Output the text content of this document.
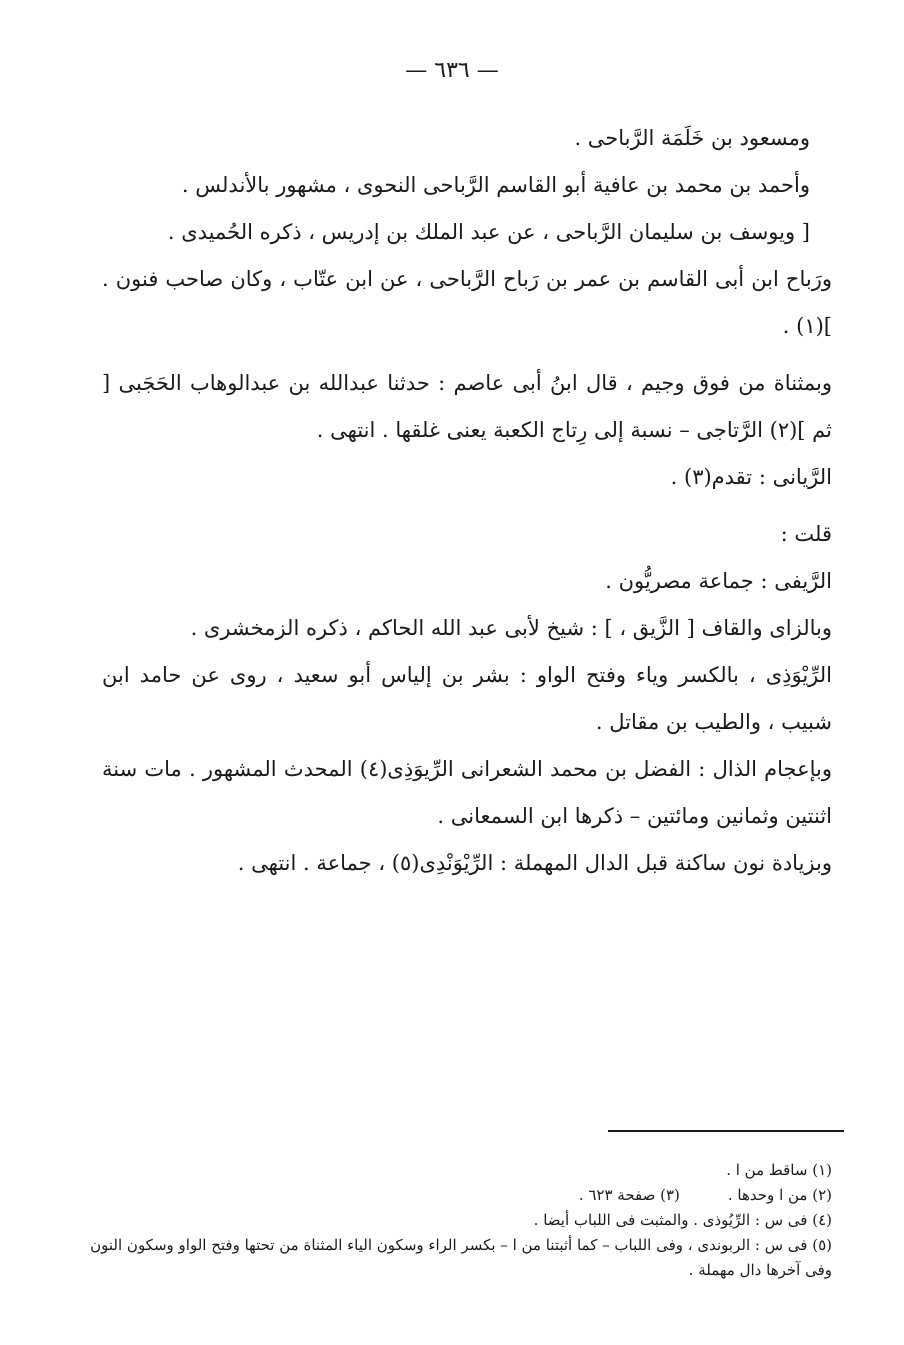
— ٦٣٦ —

ومسعود بن خَلَمَة الرَّباحى .

وأحمد بن محمد بن عافية أبو القاسم الرَّباحى النحوى ، مشهور بالأندلس .

[ ويوسف بن سليمان الرَّباحى ، عن عبد الملك بن إدريس ، ذكره الحُميدى .

ورَباح ابن أبى القاسم بن عمر بن رَباح الرَّباحى ، عن ابن عتّاب ، وكان صاحب فنون . ](١) .

وبمثناة من فوق وجيم ، قال ابنُ أبى عاصم : حدثنا عبدالله بن عبدالوهاب الحَجَبى [ ثم ](٢) الرَّتاجى – نسبة إلى رِتاج الكعبة يعنى غلقها . انتهى .

الرَّيانى : تقدم(٣) .

قلت :

الرَّيفى : جماعة مصريُّون .

وبالزاى والقاف [ الزَّيق ، ] : شيخ لأبى عبد الله الحاكم ، ذكره الزمخشرى .

الرِّيْوَذِى ، بالكسر وياء وفتح الواو : بشر بن إلياس أبو سعيد ، روى عن حامد ابن شبيب ، والطيب بن مقاتل .

وبإعجام الذال : الفضل بن محمد الشعرانى الرِّيوَذِى(٤) المحدث المشهور . مات سنة اثنتين وثمانين ومائتين – ذكرها ابن السمعانى .

وبزيادة نون ساكنة قبل الدال المهملة : الرِّيْوَنْدِى(٥) ، جماعة . انتهى .

(١) ساقط من ا .

(٢) من ا وحدها .(٣) صفحة ٦٢٣ .

(٤) فى س : الرِّيُوذى . والمثبت فى اللباب أيضا .

(٥) فى س : الربوندى ، وفى اللباب – كما أثبتنا من ا – بكسر الراء وسكون الياء المثناة من تحتها وفتح الواو وسكون النون وفى آخرها دال مهملة .
